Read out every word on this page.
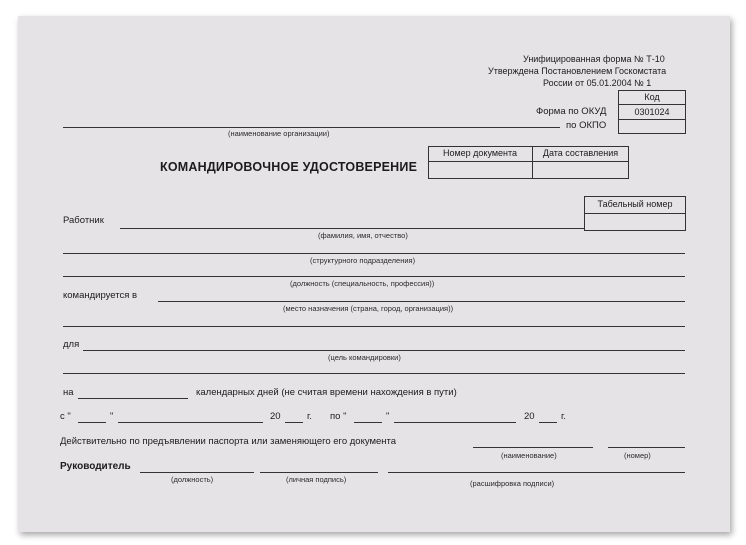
Унифицированная форма № Т-10
Утверждена Постановлением Госкомстата
России от 05.01.2004 № 1
Код
0301024
Форма по ОКУД
по ОКПО
(наименование организации)
КОМАНДИРОВОЧНОЕ УДОСТОВЕРЕНИЕ
Номер документа	Дата составления
Табельный номер
Работник
(фамилия, имя, отчество)
(структурного подразделения)
(должность (специальность, профессия))
командируется в
(место назначения (страна, город, организация))
для
(цель командировки)
на	календарных дней (не считая времени нахождения в пути)
с "	"	20	г. по "	"	20	г.
Действительно по предъявлении паспорта или заменяющего его документа
(наименование)	(номер)
Руководитель
(должность)	(личная подпись)	(расшифровка подписи)
